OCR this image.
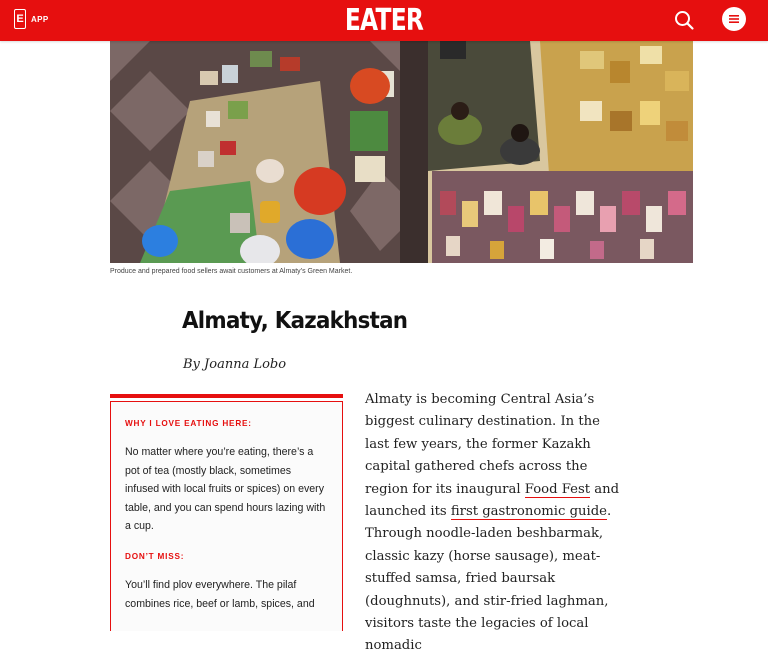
E APP	EATER
Produce and prepared food sellers await customers at Almaty’s Green Market.
Almaty, Kazakhstan
By Joanna Lobo
WHY I LOVE EATING HERE:

No matter where you’re eating, there’s a pot of tea (mostly black, sometimes infused with local fruits or spices) on every table, and you can spend hours lazing with a cup.

DON’T MISS:

You’ll find plov everywhere. The pilaf combines rice, beef or lamb, spices, and

Almaty is becoming Central Asia’s biggest culinary destination. In the last few years, the former Kazakh capital gathered chefs across the region for its inaugural Food Fest and launched its first gastronomic guide. Through noodle-laden beshbarmak, classic kazy (horse sausage), meat-stuffed samsa, fried baursak (doughnuts), and stir-fried laghman, visitors taste the legacies of local nomadic
